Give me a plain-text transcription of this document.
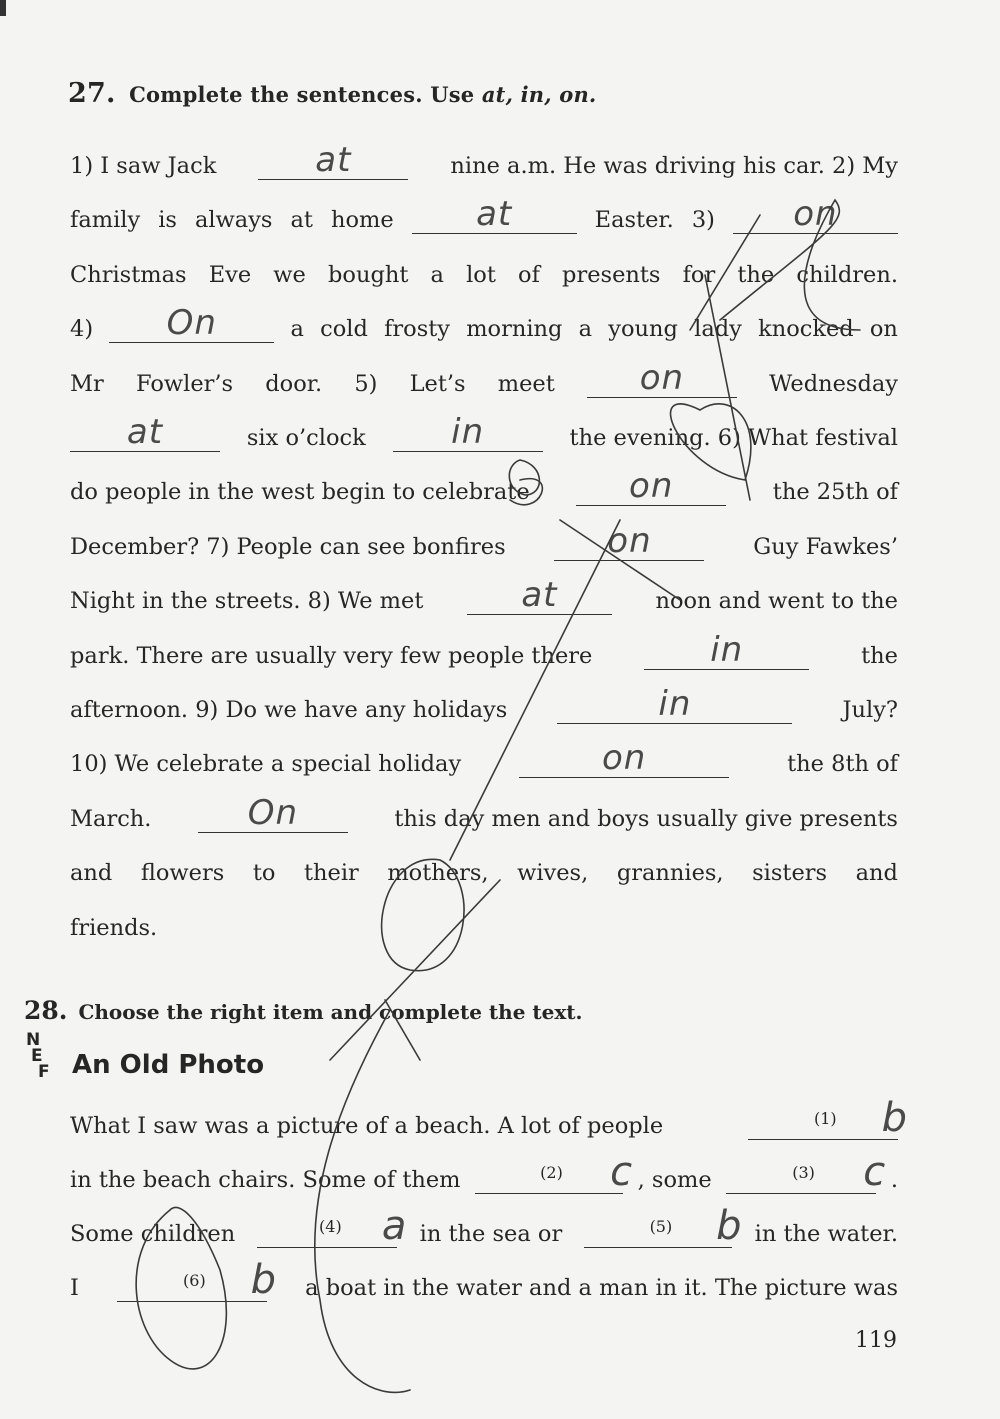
27. Complete the sentences. Use at, in, on.
1) I saw Jack	at	nine a.m. He was driving his car. 2) My
family is always at home	at	Easter. 3)	on
Christmas Eve we bought a lot of presents for the children.
4)	On	a cold frosty morning a young lady knocked on
Mr Fowler’s door. 5) Let’s meet	on	Wednesday
at	six o’clock	in	the evening. 6) What festival
do people in the west begin to celebrate	on	the 25th of
December? 7) People can see bonfires	on	Guy Fawkes’
Night in the streets. 8) We met	at	noon and went to the
park. There are usually very few people there	in	the
afternoon. 9) Do we have any holidays	in	July?
10) We celebrate a special holiday	on	the 8th of
March.	On	this day men and boys usually give presents
and flowers to their mothers, wives, grannies, sisters and
friends.
28. Choose the right item and complete the text.
N
E
F An Old Photo
What I saw was a picture of a beach. A lot of people	(1) b
in the beach chairs. Some of them	(2) c , some	(3) c .
Some children	(4) a in the sea or	(5) b in the water.
I	(6) b a boat in the water and a man in it. The picture was
119
